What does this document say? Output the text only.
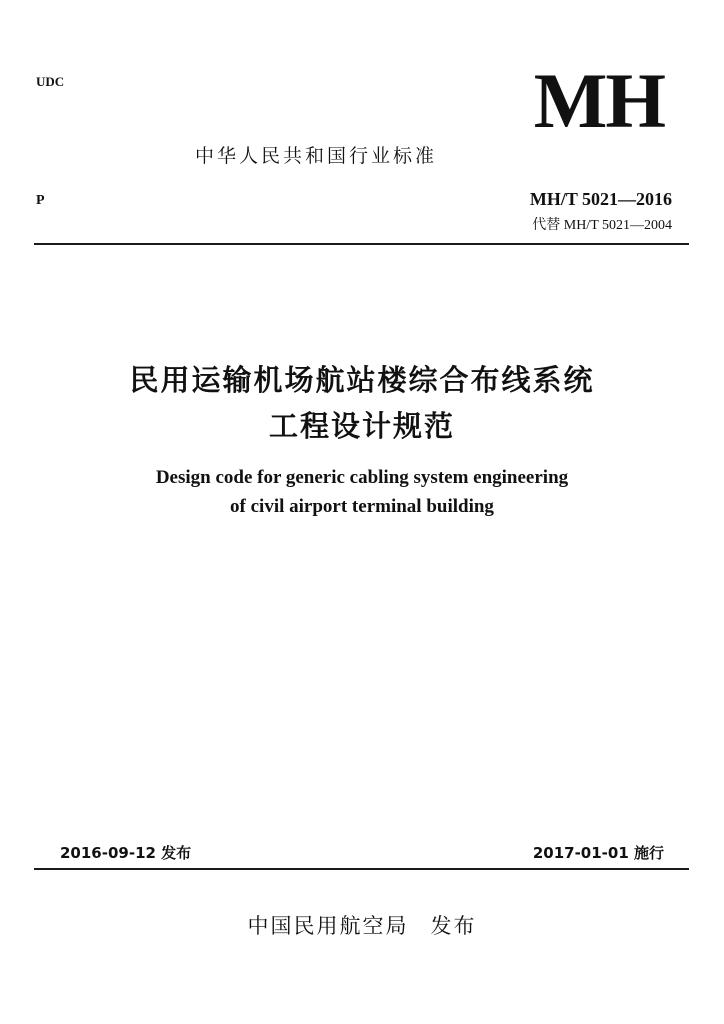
UDC	MH
中华人民共和国行业标准
P	MH/T 5021—2016
代替 MH/T 5021—2004
民用运输机场航站楼综合布线系统
工程设计规范
Design code for generic cabling system engineering
of civil airport terminal building
2016-09-12 发布	2017-01-01 施行
中国民用航空局 发布
